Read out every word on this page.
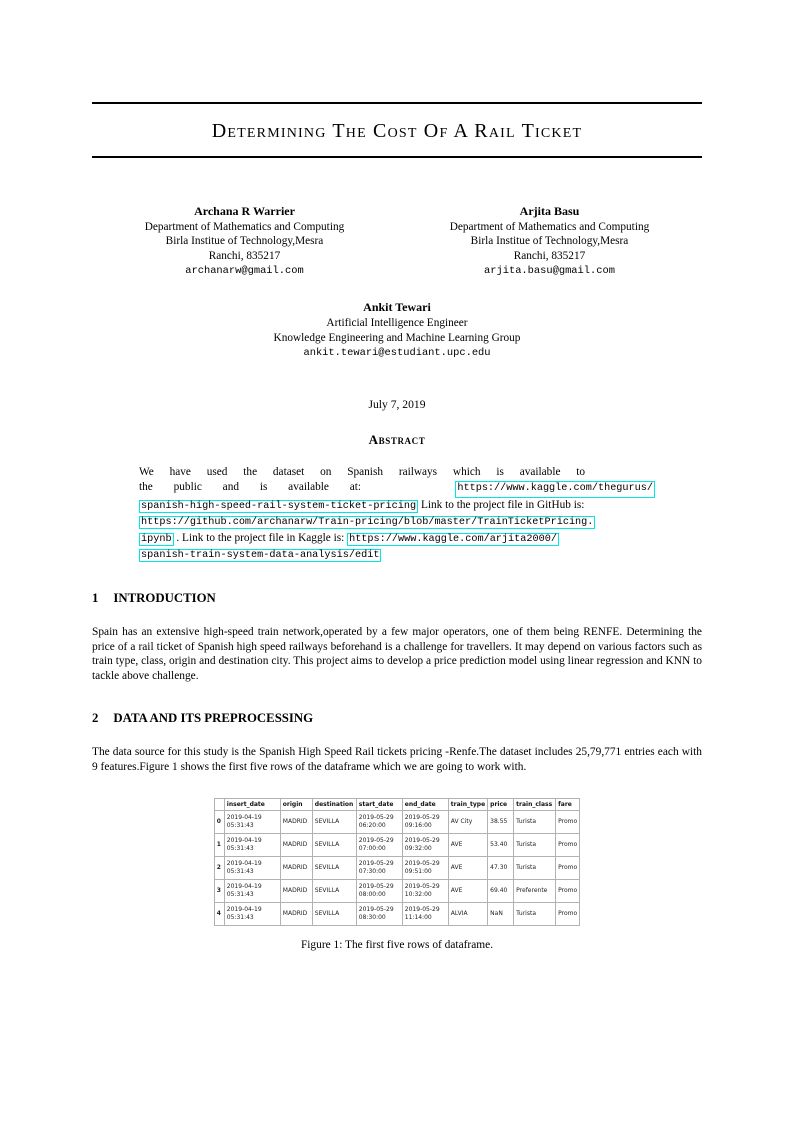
Determining The Cost Of A Rail Ticket
Archana R Warrier
Department of Mathematics and Computing
Birla Institue of Technology,Mesra
Ranchi, 835217
archanarw@gmail.com
Arjita Basu
Department of Mathematics and Computing
Birla Institue of Technology,Mesra
Ranchi, 835217
arjita.basu@gmail.com
Ankit Tewari
Artificial Intelligence Engineer
Knowledge Engineering and Machine Learning Group
ankit.tewari@estudiant.upc.edu
July 7, 2019
Abstract
We have used the dataset on Spanish railways which is available to
the public and is available at:	https://www.kaggle.com/thegurus/
spanish-high-speed-rail-system-ticket-pricing Link to the project file in GitHub is:
https://github.com/archanarw/Train-pricing/blob/master/TrainTicketPricing.
ipynb . Link to the project file in Kaggle is: https://www.kaggle.com/arjita2000/
spanish-train-system-data-analysis/edit
1 INTRODUCTION

Spain has an extensive high-speed train network,operated by a few major operators, one of them being RENFE. Determining the price of a rail ticket of Spanish high speed railways beforehand is a challenge for travellers. It may depend on various factors such as train type, class, origin and destination city. This project aims to develop a price prediction model using linear regression and KNN to tackle above challenge.

2 DATA AND ITS PREPROCESSING

The data source for this study is the Spanish High Speed Rail tickets pricing -Renfe.The dataset includes 25,79,771 entries each with 9 features.Figure 1 shows the first five rows of the dataframe which we are going to work with.

	insert_date	origin	destination	start_date	end_date	train_type	price	train_class	fare
0	2019-04-19 05:31:43	MADRID	SEVILLA	2019-05-29 06:20:00	2019-05-29 09:16:00	AV City	38.55	Turista	Promo
1	2019-04-19 05:31:43	MADRID	SEVILLA	2019-05-29 07:00:00	2019-05-29 09:32:00	AVE	53.40	Turista	Promo
2	2019-04-19 05:31:43	MADRID	SEVILLA	2019-05-29 07:30:00	2019-05-29 09:51:00	AVE	47.30	Turista	Promo
3	2019-04-19 05:31:43	MADRID	SEVILLA	2019-05-29 08:00:00	2019-05-29 10:32:00	AVE	69.40	Preferente	Promo
4	2019-04-19 05:31:43	MADRID	SEVILLA	2019-05-29 08:30:00	2019-05-29 11:14:00	ALVIA	NaN	Turista	Promo
Figure 1: The first five rows of dataframe.
